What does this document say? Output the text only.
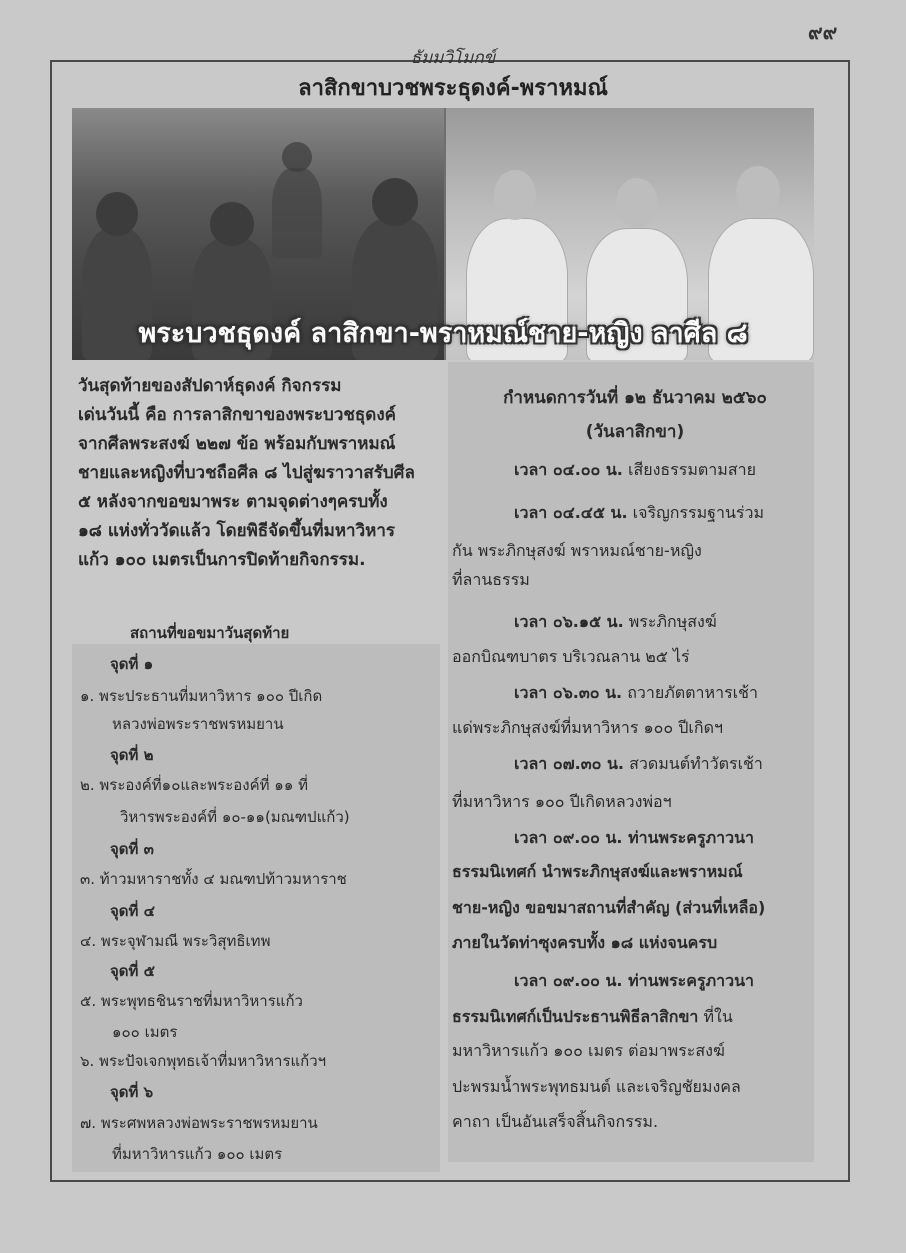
๙๙
ธัมมวิโมกข์
ลาสิกขาบวชพระธุดงค์-พราหมณ์
พระบวชธุดงค์ ลาสิกขา-พราหมณ์ชาย-หญิง ลาศีล ๘
วันสุดท้ายของสัปดาห์ธุดงค์ กิจกรรม
เด่นวันนี้ คือ การลาสิกขาของพระบวชธุดงค์
จากศีลพระสงฆ์ ๒๒๗ ข้อ พร้อมกับพราหมณ์
ชายและหญิงที่บวชถือศีล ๘ ไปสู่ฆราวาสรับศีล
๕ หลังจากขอขมาพระ ตามจุดต่างๆครบทั้ง
๑๘ แห่งทั่ววัดแล้ว โดยพิธีจัดขึ้นที่มหาวิหาร
แก้ว ๑๐๐ เมตรเป็นการปิดท้ายกิจกรรม.
สถานที่ขอขมาวันสุดท้าย
จุดที่ ๑
๑. พระประธานที่มหาวิหาร ๑๐๐ ปีเกิด
หลวงพ่อพระราชพรหมยาน
จุดที่ ๒
๒. พระองค์ที่๑๐และพระองค์ที่ ๑๑ ที่
วิหารพระองค์ที่ ๑๐-๑๑(มณฑปแก้ว)
จุดที่ ๓
๓. ท้าวมหาราชทั้ง ๔ มณฑปท้าวมหาราช
จุดที่ ๔
๔. พระจุฬามณี พระวิสุทธิเทพ
จุดที่ ๕
๕. พระพุทธชินราชที่มหาวิหารแก้ว
๑๐๐ เมตร
๖. พระปัจเจกพุทธเจ้าที่มหาวิหารแก้วฯ
จุดที่ ๖
๗. พระศพหลวงพ่อพระราชพรหมยาน
ที่มหาวิหารแก้ว ๑๐๐ เมตร
กำหนดการวันที่ ๑๒ ธันวาคม ๒๕๖๐
(วันลาสิกขา)
เวลา ๐๔.๐๐ น. เสียงธรรมตามสาย
เวลา ๐๔.๔๕ น. เจริญกรรมฐานร่วม
กัน พระภิกษุสงฆ์ พราหมณ์ชาย-หญิง
ที่ลานธรรม
เวลา ๐๖.๑๕ น. พระภิกษุสงฆ์
ออกบิณฑบาตร บริเวณลาน ๒๕ ไร่
เวลา ๐๖.๓๐ น. ถวายภัตตาหารเช้า
แด่พระภิกษุสงฆ์ที่มหาวิหาร ๑๐๐ ปีเกิดฯ
เวลา ๐๗.๓๐ น. สวดมนต์ทำวัตรเช้า
ที่มหาวิหาร ๑๐๐ ปีเกิดหลวงพ่อฯ
เวลา ๐๙.๐๐ น. ท่านพระครูภาวนา
ธรรมนิเทศก์ นำพระภิกษุสงฆ์และพราหมณ์
ชาย-หญิง ขอขมาสถานที่สำคัญ (ส่วนที่เหลือ)
ภายในวัดท่าซุงครบทั้ง ๑๘ แห่งจนครบ
เวลา ๐๙.๐๐ น. ท่านพระครูภาวนา
ธรรมนิเทศก์เป็นประธานพิธีลาสิกขา ที่ใน
มหาวิหารแก้ว ๑๐๐ เมตร ต่อมาพระสงฆ์
ปะพรมน้ำพระพุทธมนต์ และเจริญชัยมงคล
คาถา เป็นอันเสร็จสิ้นกิจกรรม.
